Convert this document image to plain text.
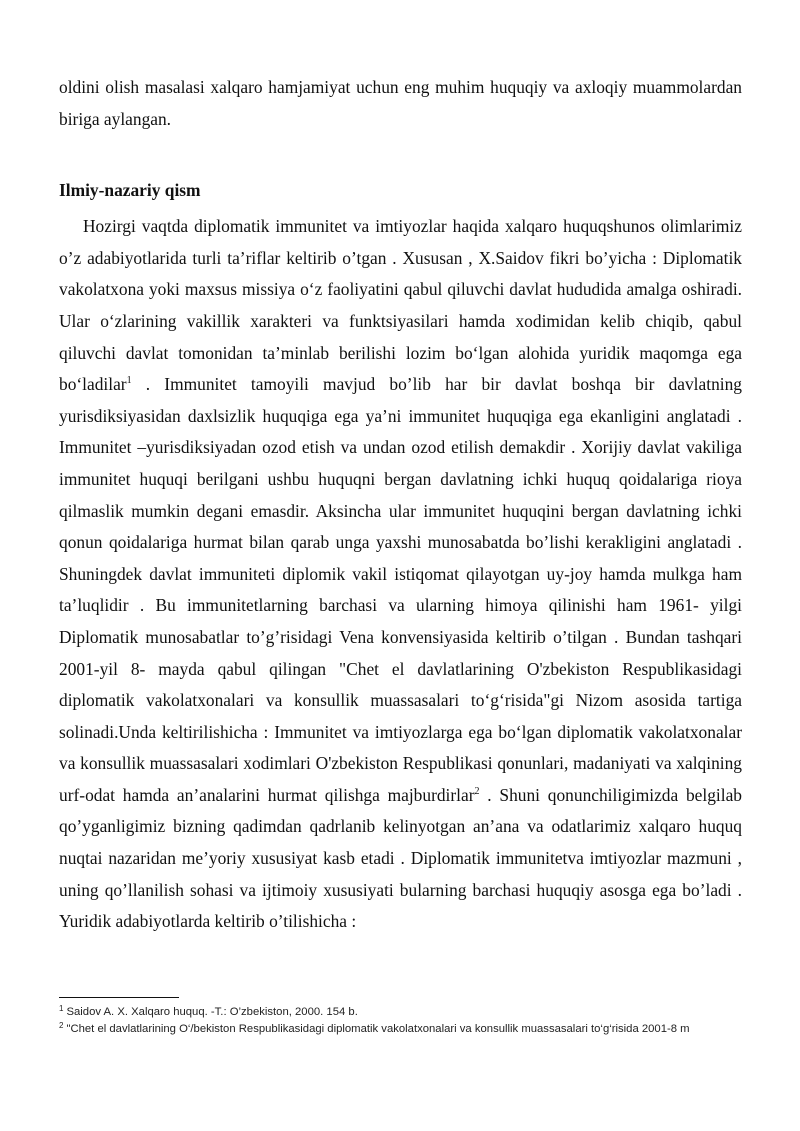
oldini olish masalasi xalqaro hamjamiyat uchun eng muhim huquqiy va axloqiy muammolardan biriga aylangan.

Ilmiy-nazariy qism

Hozirgi vaqtda diplomatik immunitet va imtiyozlar haqida xalqaro huquqshunos olimlarimiz o’z adabiyotlarida turli ta’riflar keltirib o’tgan . Xususan , X.Saidov fikri bo’yicha : Diplomatik vakolatxona yoki maxsus missiya o‘z faoliyatini qabul qiluvchi davlat hududida amalga oshiradi. Ular o‘zlarining vakillik xarakteri va funktsiyasilari hamda xodimidan kelib chiqib, qabul qiluvchi davlat tomonidan ta’minlab berilishi lozim bo‘lgan alohida yuridik maqomga ega bo‘ladilar$^1$ . Immunitet tamoyili mavjud bo’lib har bir davlat boshqa bir davlatning yurisdiksiyasidan daxlsizlik huquqiga ega ya’ni immunitet huquqiga ega ekanligini anglatadi . Immunitet –yurisdiksiyadan ozod etish va undan ozod etilish demakdir . Xorijiy davlat vakiliga immunitet huquqi berilgani ushbu huquqni bergan davlatning ichki huquq qoidalariga rioya qilmaslik mumkin degani emasdir. Aksincha ular immunitet huquqini bergan davlatning ichki qonun qoidalariga hurmat bilan qarab unga yaxshi munosabatda bo’lishi kerakligini anglatadi . Shuningdek davlat immuniteti diplomik vakil istiqomat qilayotgan uy-joy hamda mulkga ham ta’luqlidir . Bu immunitetlarning barchasi va ularning himoya qilinishi ham 1961- yilgi Diplomatik munosabatlar to’g’risidagi Vena konvensiyasida keltirib o’tilgan . Bundan tashqari 2001-yil 8- mayda qabul qilingan "Chet el davlatlarining O'zbekiston Respublikasidagi diplomatik vakolatxonalari va konsullik muassasalari to‘g‘risida"gi Nizom asosida tartiga solinadi.Unda keltirilishicha : Immunitet va imtiyozlarga ega bo‘lgan diplomatik vakolatxonalar va konsullik muassasalari xodimlari O'zbekiston Respublikasi qonunlari, madaniyati va xalqining urf-odat hamda an’analarini hurmat qilishga majburdirlar$^2$ . Shuni qonunchiligimizda belgilab qo’yganligimiz bizning qadimdan qadrlanib kelinyotgan an’ana va odatlarimiz xalqaro huquq nuqtai nazaridan me’yoriy xususiyat kasb etadi . Diplomatik immunitetva imtiyozlar mazmuni , uning qo’llanilish sohasi va ijtimoiy xususiyati bularning barchasi huquqiy asosga ega bo’ladi . Yuridik adabiyotlarda keltirib o’tilishicha :

$^1$ Saidov A. X. Xalqaro huquq. -T.: O’zbekiston, 2000. 154 b.

$^2$ "Chet el davlatlarining O‘/bekiston Respublikasidagi diplomatik vakolatxonalari va konsullik muassasalari to‘g‘risida 2001-8 m
